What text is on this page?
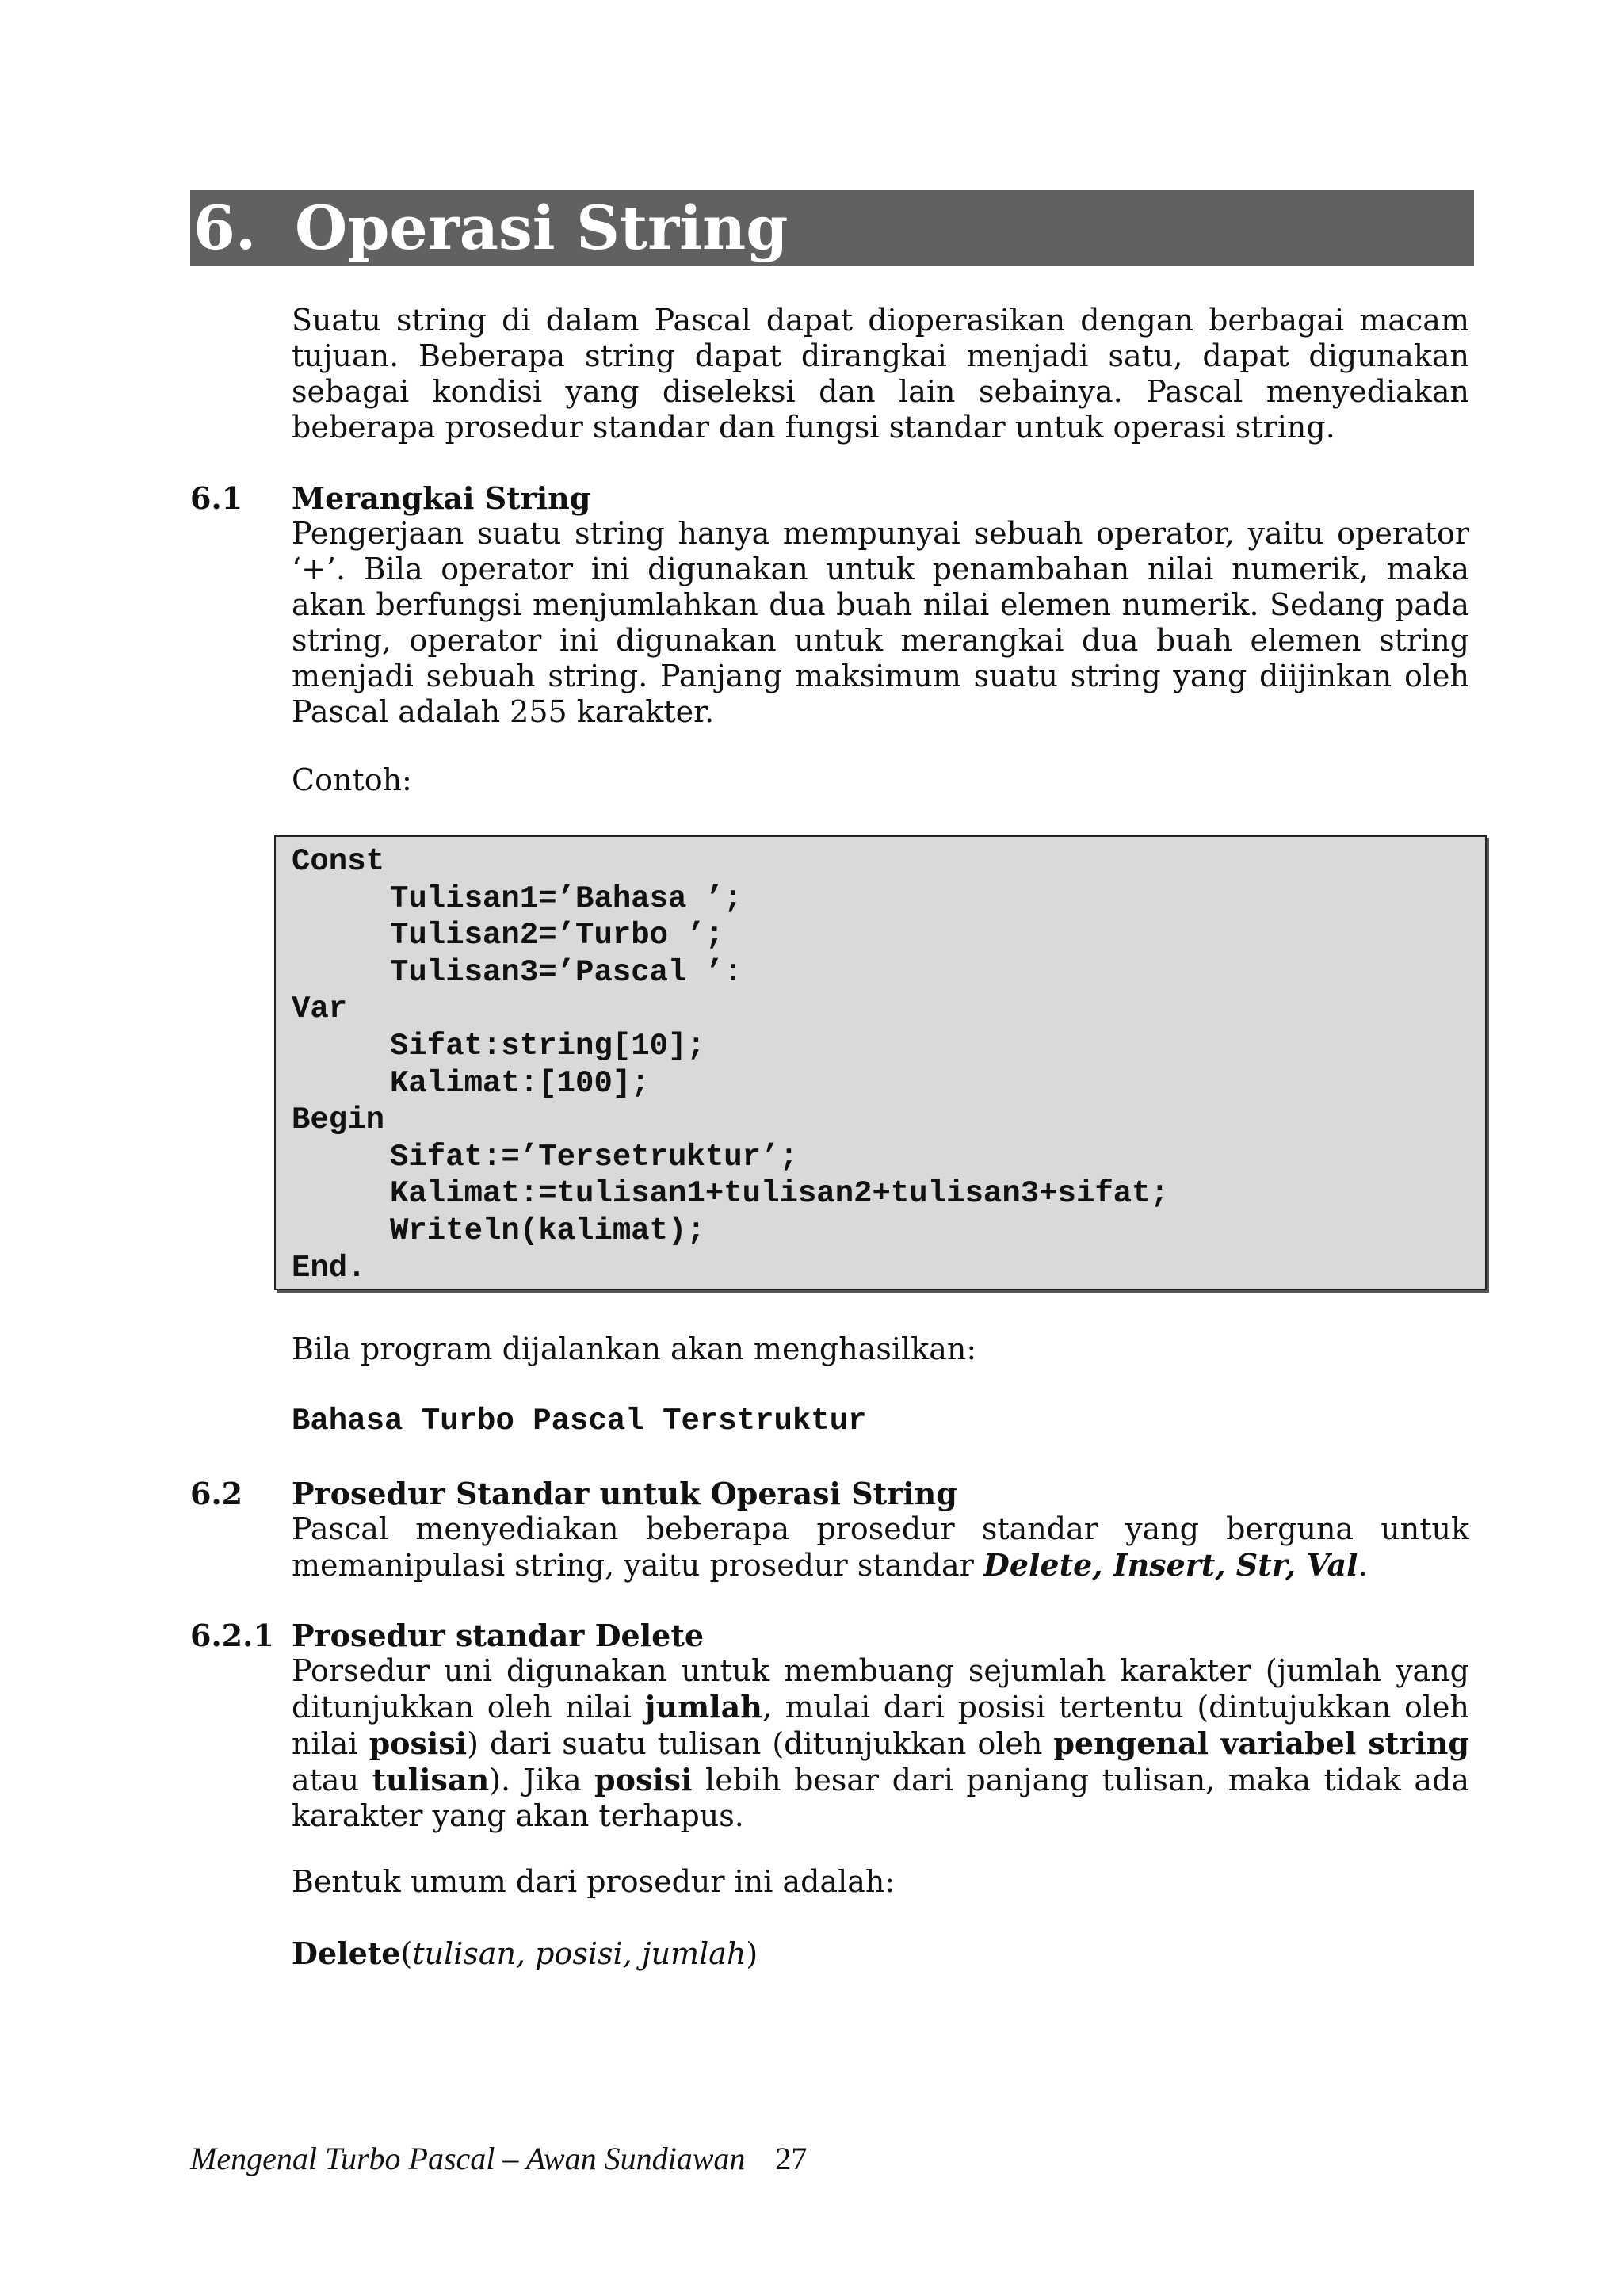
6. Operasi String

Suatu string di dalam Pascal dapat dioperasikan dengan berbagai macam tujuan. Beberapa string dapat dirangkai menjadi satu, dapat digunakan sebagai kondisi yang diseleksi dan lain sebainya. Pascal menyediakan beberapa prosedur standar dan fungsi standar untuk operasi string.

6.1 Merangkai String

Pengerjaan suatu string hanya mempunyai sebuah operator, yaitu operator ‘+’. Bila operator ini digunakan untuk penambahan nilai numerik, maka akan berfungsi menjumlahkan dua buah nilai elemen numerik. Sedang pada string, operator ini digunakan untuk merangkai dua buah elemen string menjadi sebuah string. Panjang maksimum suatu string yang diijinkan oleh Pascal adalah 255 karakter.

Contoh:

Const
Tulisan1=’Bahasa ’;
Tulisan2=’Turbo ’;
Tulisan3=’Pascal ’:
Var
Sifat:string[10];
Kalimat:[100];
Begin
Sifat:=’Tersetruktur’;
Kalimat:=tulisan1+tulisan2+tulisan3+sifat;
Writeln(kalimat);
End.

Bila program dijalankan akan menghasilkan:

Bahasa Turbo Pascal Terstruktur
6.2 Prosedur Standar untuk Operasi String

Pascal menyediakan beberapa prosedur standar yang berguna untuk memanipulasi string, yaitu prosedur standar Delete, Insert, Str, Val.

6.2.1 Prosedur standar Delete

Porsedur uni digunakan untuk membuang sejumlah karakter (jumlah yang ditunjukkan oleh nilai jumlah, mulai dari posisi tertentu (dintujukkan oleh nilai posisi) dari suatu tulisan (ditunjukkan oleh pengenal variabel string atau tulisan). Jika posisi lebih besar dari panjang tulisan, maka tidak ada karakter yang akan terhapus.

Bentuk umum dari prosedur ini adalah:

Delete(tulisan, posisi, jumlah)

Mengenal Turbo Pascal – Awan Sundiawan 27
